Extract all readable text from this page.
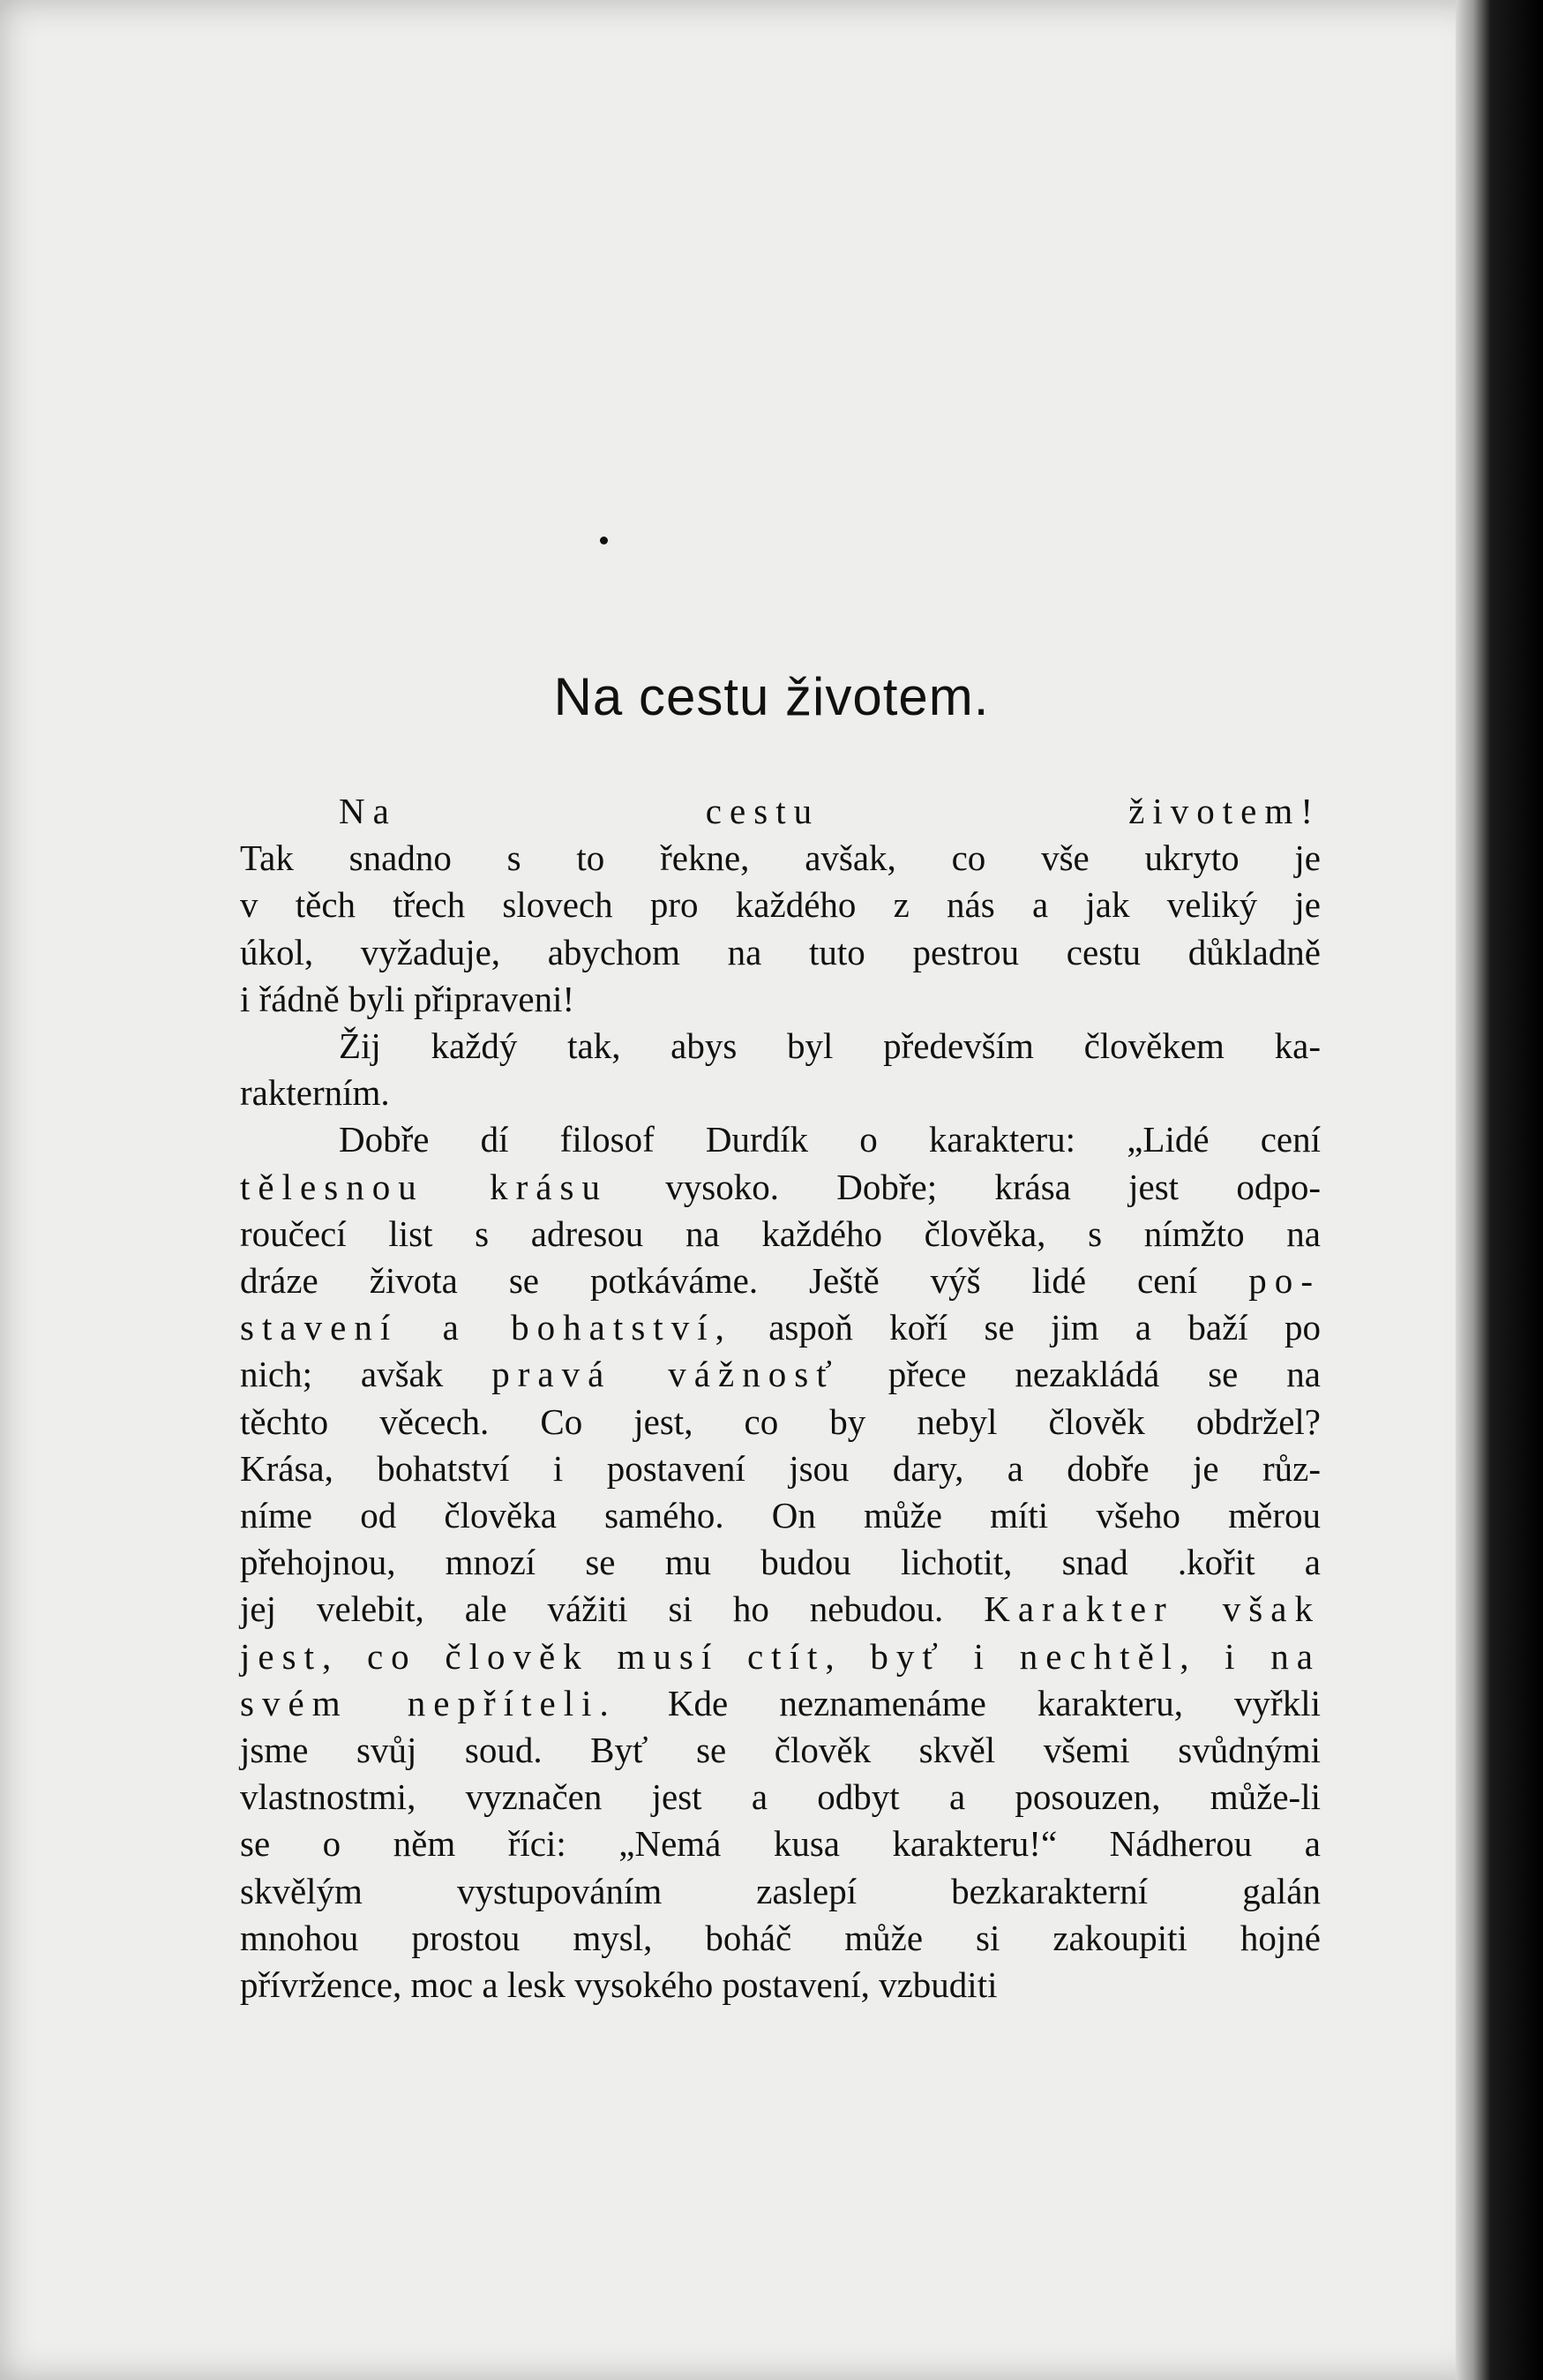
Na cestu životem.
Na cestu životem!
Tak snadno s to řekne, avšak, co vše ukryto je
v těch třech slovech pro každého z nás a jak veliký je
úkol, vyžaduje, abychom na tuto pestrou cestu důkladně
i řádně byli připraveni!
Žij každý tak, abys byl především člověkem ka-
rakterním.
Dobře dí filosof Durdík o karakteru: „Lidé cení
tělesnou krásu vysoko. Dobře; krása jest odpo-
roučecí list s adresou na každého člověka, s nímžto na
dráze života se potkáváme. Ještě výš lidé cení po-
stavení a bohatství, aspoň kоří se jim a baží po
nich; avšak pravá vážnosť přece nezakládá se na
těchto věcech. Co jest, co by nebyl člověk obdržel?
Krása, bohatství i postavení jsou dary, a dobře je růz-
níme od člověka samého. On může míti všeho měrou
přehojnou, mnozí se mu budou lichotit, snad .kořit a
jej velebit, ale vážiti si ho nebudou. Karakter však
jest, co člověk musí ctít, byť i nechtěl, i na
svém nepříteli. Kde neznamenáme karakteru, vyřkli
jsme svůj soud. Byť se člověk skvěl všemi svůdnými
vlastnostmi, vyznačen jest a odbyt a posouzen, může-li
se o něm říci: „Nemá kusa karakteru!“ Nádherou a
skvělým vystupováním zaslepí bezkarakterní galán
mnohou prostou mysl, boháč může si zakoupiti hojné
přívržence, moc a lesk vysokého postavení, vzbuditi
